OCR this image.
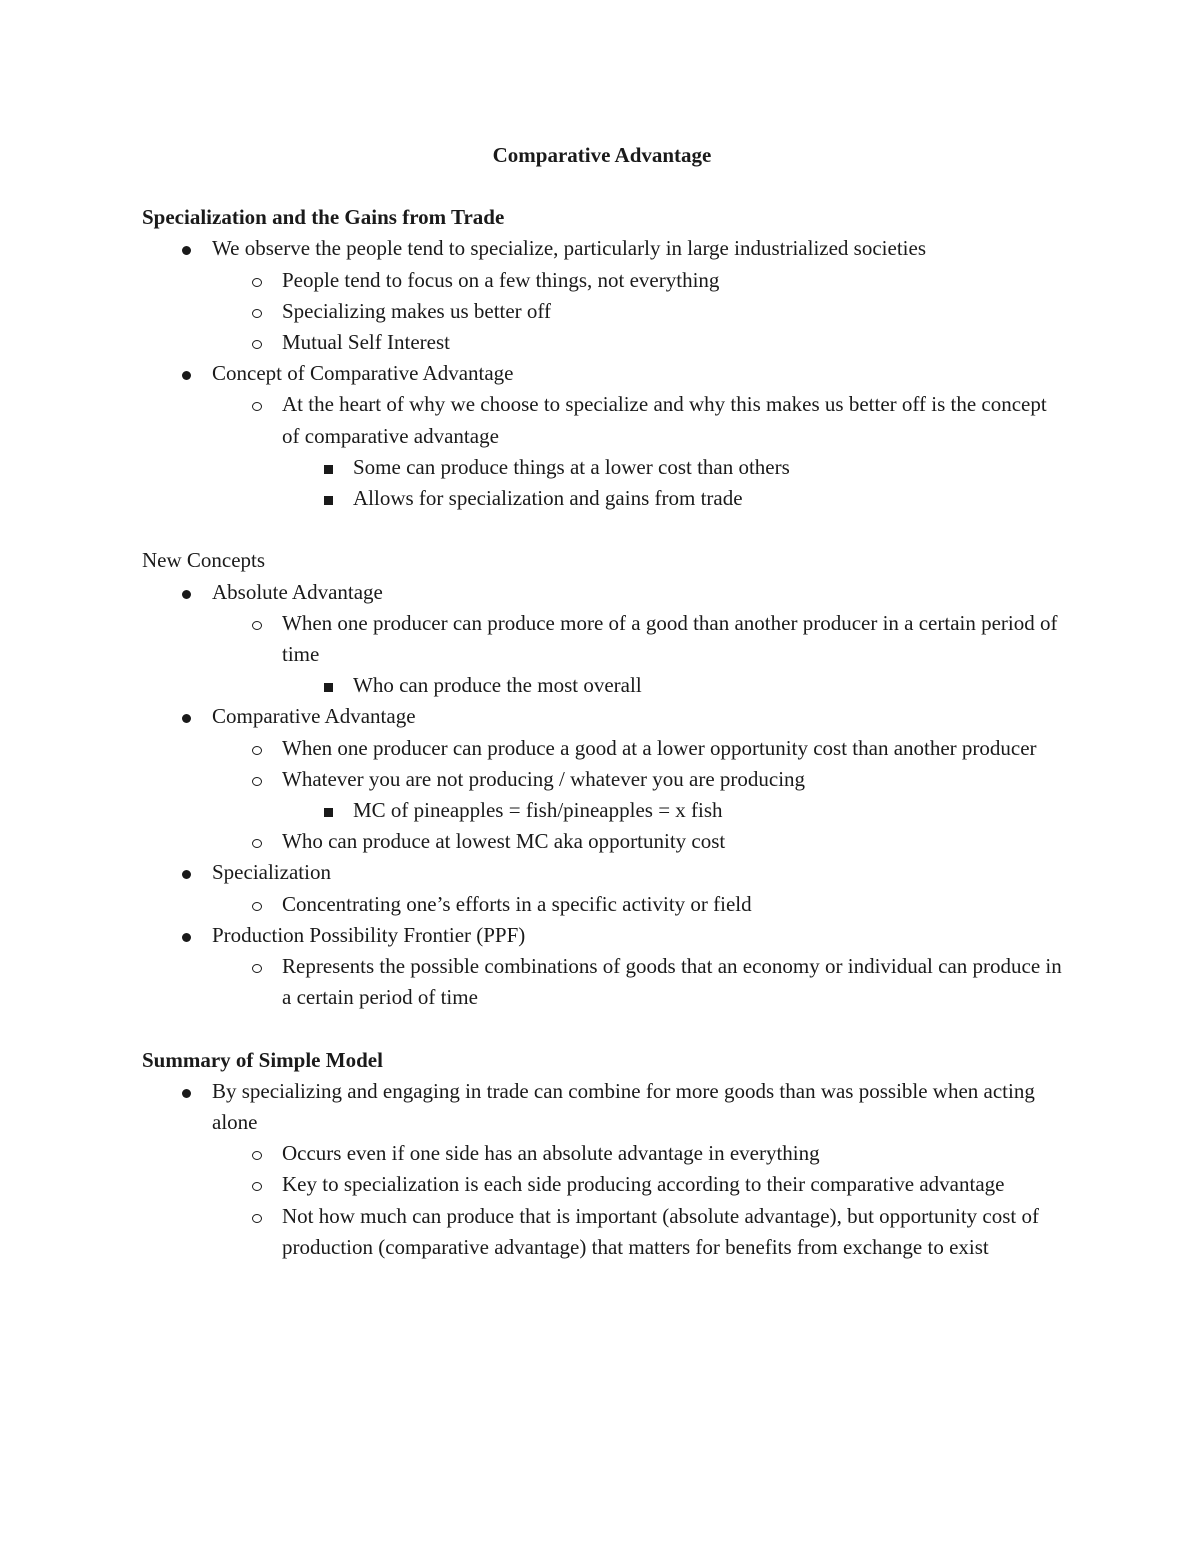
Comparative Advantage
Specialization and the Gains from Trade
We observe the people tend to specialize, particularly in large industrialized societies
People tend to focus on a few things, not everything
Specializing makes us better off
Mutual Self Interest
Concept of Comparative Advantage
At the heart of why we choose to specialize and why this makes us better off is the concept of comparative advantage
Some can produce things at a lower cost than others
Allows for specialization and gains from trade
New Concepts
Absolute Advantage
When one producer can produce more of a good than another producer in a certain period of time
Who can produce the most overall
Comparative Advantage
When one producer can produce a good at a lower opportunity cost than another producer
Whatever you are not producing / whatever you are producing
MC of pineapples = fish/pineapples = x fish
Who can produce at lowest MC aka opportunity cost
Specialization
Concentrating one’s efforts in a specific activity or field
Production Possibility Frontier (PPF)
Represents the possible combinations of goods that an economy or individual can produce in a certain period of time
Summary of Simple Model
By specializing and engaging in trade can combine for more goods than was possible when acting alone
Occurs even if one side has an absolute advantage in everything
Key to specialization is each side producing according to their comparative advantage
Not how much can produce that is important (absolute advantage), but opportunity cost of production (comparative advantage) that matters for benefits from exchange to exist
